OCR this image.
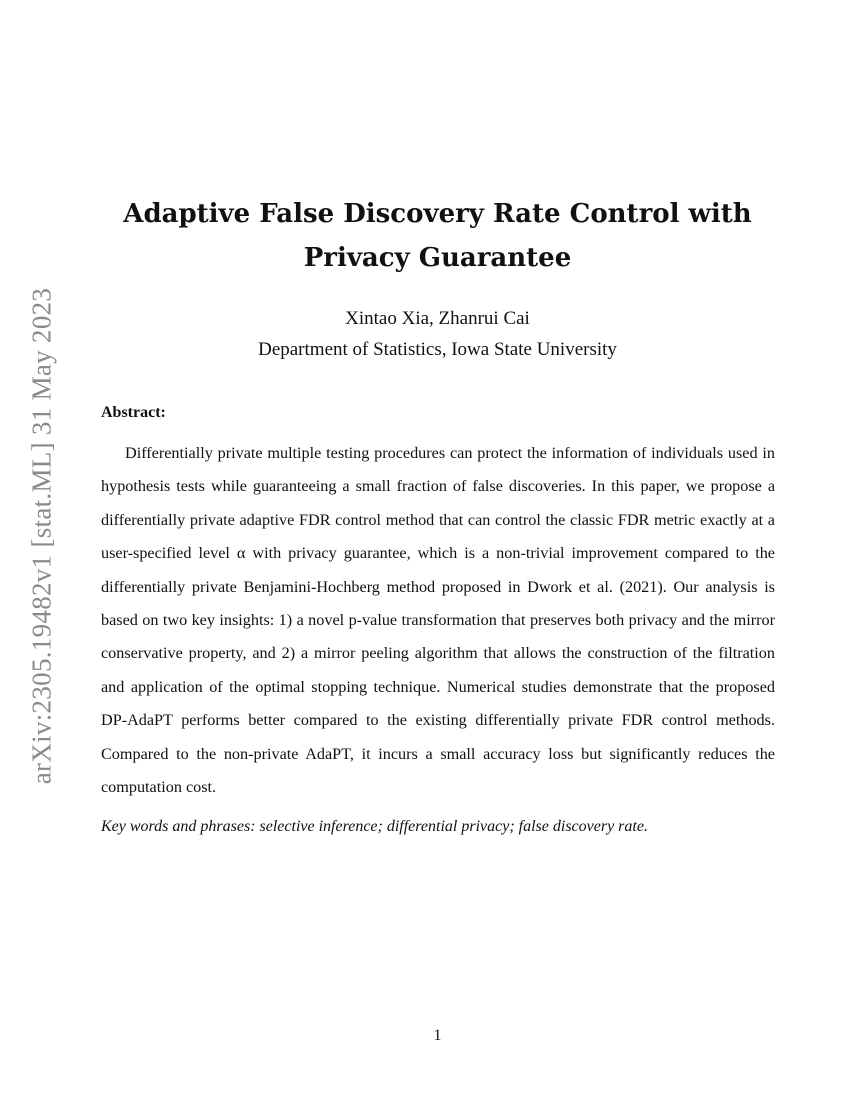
arXiv:2305.19482v1 [stat.ML] 31 May 2023
Adaptive False Discovery Rate Control with Privacy Guarantee
Xintao Xia, Zhanrui Cai
Department of Statistics, Iowa State University
Abstract:

Differentially private multiple testing procedures can protect the information of individuals used in hypothesis tests while guaranteeing a small fraction of false discoveries. In this paper, we propose a differentially private adaptive FDR control method that can control the classic FDR metric exactly at a user-specified level α with privacy guarantee, which is a non-trivial improvement compared to the differentially private Benjamini-Hochberg method proposed in Dwork et al. (2021). Our analysis is based on two key insights: 1) a novel p-value transformation that preserves both privacy and the mirror conservative property, and 2) a mirror peeling algorithm that allows the construction of the filtration and application of the optimal stopping technique. Numerical studies demonstrate that the proposed DP-AdaPT performs better compared to the existing differentially private FDR control methods. Compared to the non-private AdaPT, it incurs a small accuracy loss but significantly reduces the computation cost.

Key words and phrases: selective inference; differential privacy; false discovery rate.
1
